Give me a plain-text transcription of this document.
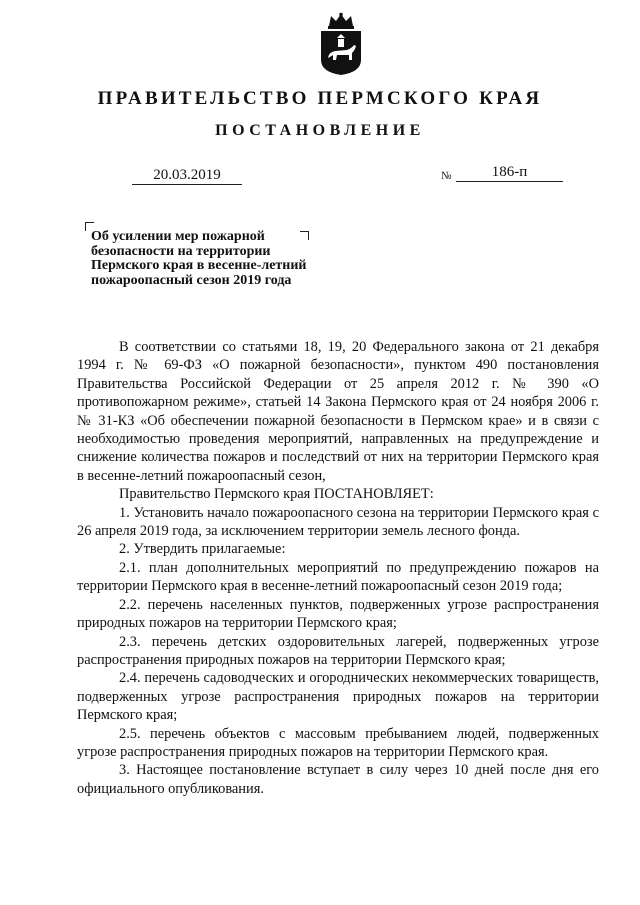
ПРАВИТЕЛЬСТВО ПЕРМСКОГО КРАЯ
ПОСТАНОВЛЕНИЕ
20.03.2019	№	186-п
Об усилении мер пожарной безопасности на территории Пермского края в весенне-летний пожароопасный сезон 2019 года

В соответствии со статьями 18, 19, 20 Федерального закона от 21 декабря 1994 г. № 69-ФЗ «О пожарной безопасности», пунктом 490 постановления Правительства Российской Федерации от 25 апреля 2012 г. № 390 «О противопожарном режиме», статьей 14 Закона Пермского края от 24 ноября 2006 г. № 31-КЗ «Об обеспечении пожарной безопасности в Пермском крае» и в связи с необходимостью проведения мероприятий, направленных на предупреждение и снижение количества пожаров и последствий от них на территории Пермского края в весенне-летний пожароопасный сезон,

Правительство Пермского края ПОСТАНОВЛЯЕТ:

1. Установить начало пожароопасного сезона на территории Пермского края с 26 апреля 2019 года, за исключением территории земель лесного фонда.

2. Утвердить прилагаемые:

2.1. план дополнительных мероприятий по предупреждению пожаров на территории Пермского края в весенне-летний пожароопасный сезон 2019 года;

2.2. перечень населенных пунктов, подверженных угрозе распространения природных пожаров на территории Пермского края;

2.3. перечень детских оздоровительных лагерей, подверженных угрозе распространения природных пожаров на территории Пермского края;

2.4. перечень садоводческих и огороднических некоммерческих товариществ, подверженных угрозе распространения природных пожаров на территории Пермского края;

2.5. перечень объектов с массовым пребыванием людей, подверженных угрозе распространения природных пожаров на территории Пермского края.

3. Настоящее постановление вступает в силу через 10 дней после дня его официального опубликования.
